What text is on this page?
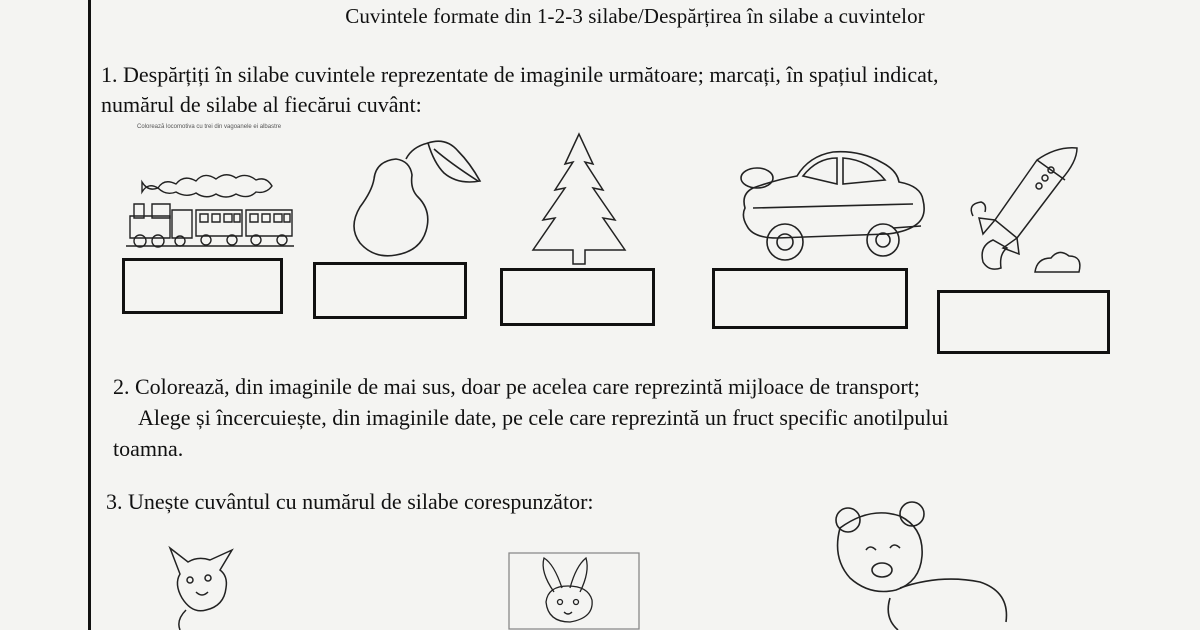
Cuvintele formate din 1-2-3 silabe/Despărțirea în silabe a cuvintelor
1. Despărțiți în silabe cuvintele reprezentate de imaginile următoare; marcați, în spațiul indicat,
numărul de silabe al fiecărui cuvânt:
Colorează locomotiva cu trei din vagoanele ei albastre
2. Colorează, din imaginile de mai sus, doar pe acelea care reprezintă mijloace de transport;
Alege și încercuiește, din imaginile date, pe cele care reprezintă un fruct specific anotilpului
toamna.
3. Unește cuvântul cu numărul de silabe corespunzător:
